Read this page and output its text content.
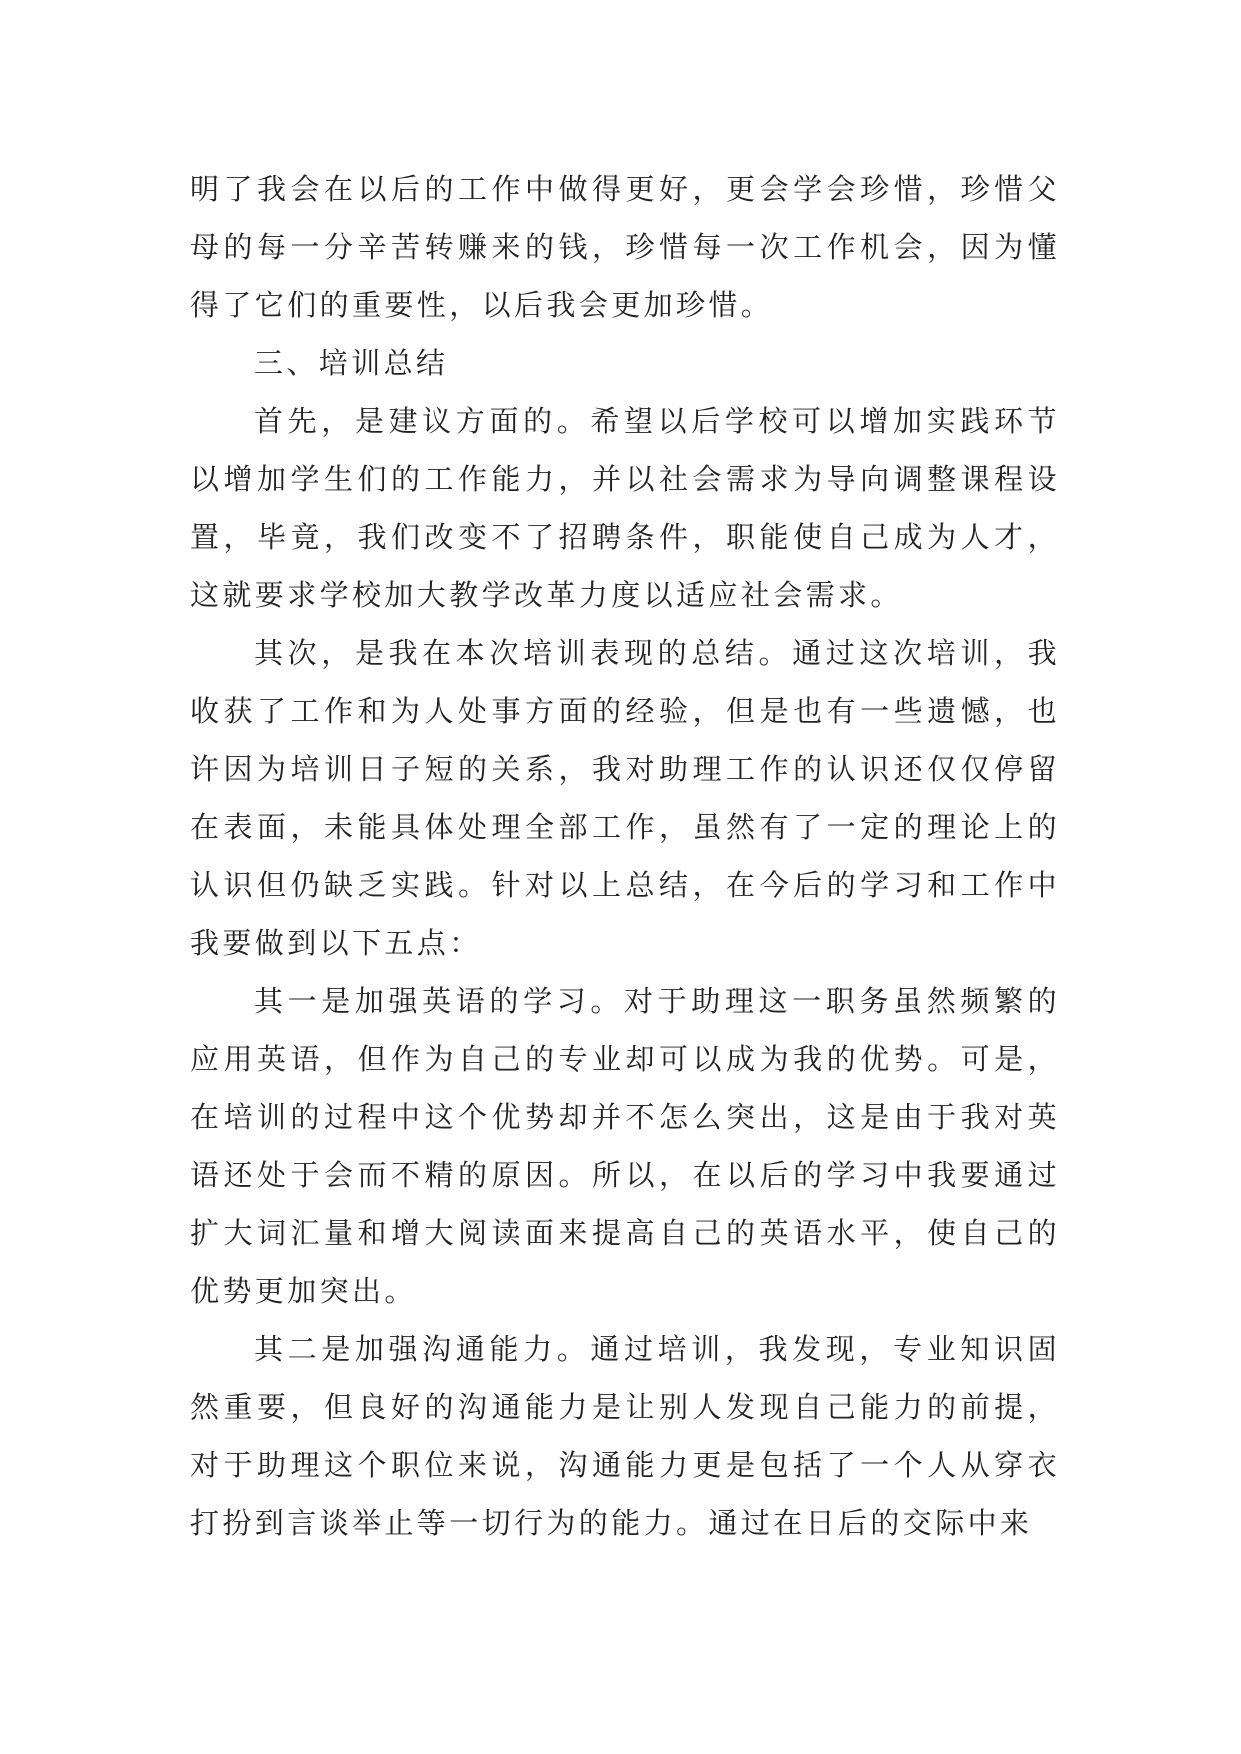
明了我会在以后的工作中做得更好，更会学会珍惜，珍惜父母的每一分辛苦转赚来的钱，珍惜每一次工作机会，因为懂得了它们的重要性，以后我会更加珍惜。

三、培训总结

首先，是建议方面的。希望以后学校可以增加实践环节以增加学生们的工作能力，并以社会需求为导向调整课程设置，毕竟，我们改变不了招聘条件，职能使自己成为人才，这就要求学校加大教学改革力度以适应社会需求。

其次，是我在本次培训表现的总结。通过这次培训，我收获了工作和为人处事方面的经验，但是也有一些遗憾，也许因为培训日子短的关系，我对助理工作的认识还仅仅停留在表面，未能具体处理全部工作，虽然有了一定的理论上的认识但仍缺乏实践。针对以上总结，在今后的学习和工作中我要做到以下五点：

其一是加强英语的学习。对于助理这一职务虽然频繁的应用英语，但作为自己的专业却可以成为我的优势。可是，在培训的过程中这个优势却并不怎么突出，这是由于我对英语还处于会而不精的原因。所以，在以后的学习中我要通过扩大词汇量和增大阅读面来提高自己的英语水平，使自己的优势更加突出。

其二是加强沟通能力。通过培训，我发现，专业知识固然重要，但良好的沟通能力是让别人发现自己能力的前提，对于助理这个职位来说，沟通能力更是包括了一个人从穿衣打扮到言谈举止等一切行为的能力。通过在日后的交际中来
